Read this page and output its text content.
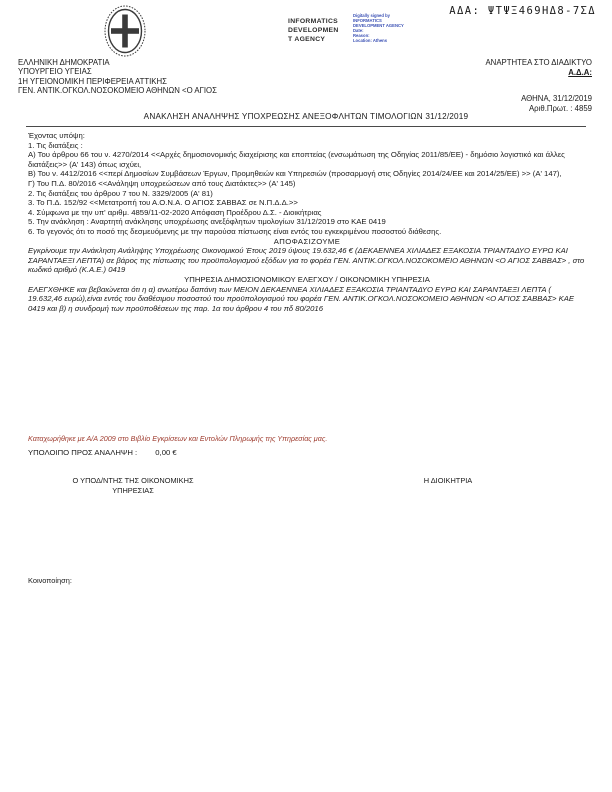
ΑΔΑ: ΨΤΨΞ469ΗΔ8-7ΣΔ
INFORMATICS
DEVELOPMEN
T AGENCY
Digitally signed by
INFORMATICS
DEVELOPMENT AGENCY
Date:
Reason:
Location: Athens
ΕΛΛΗΝΙΚΗ ΔΗΜΟΚΡΑΤΙΑ
ΥΠΟΥΡΓΕΙΟ ΥΓΕΙΑΣ
1Η ΥΓΕΙΟΝΟΜΙΚΗ ΠΕΡΙΦΕΡΕΙΑ ΑΤΤΙΚΗΣ
ΓΕΝ. ΑΝΤΙΚ.ΟΓΚΟΛ.ΝΟΣΟΚΟΜΕΙΟ ΑΘΗΝΩΝ <Ο ΑΓΙΟΣ
ΑΝΑΡΤΗΤΕΑ ΣΤΟ ΔΙΑΔΙΚΤΥΟ
Α.Δ.Α:
ΑΘΗΝΑ, 31/12/2019
Αριθ.Πρωτ. : 4859
ΑΝΑΚΛΗΣΗ ΑΝΑΛΗΨΗΣ ΥΠΟΧΡΕΩΣΗΣ ΑΝΕΞΟΦΛΗΤΩΝ ΤΙΜΟΛΟΓΙΩΝ 31/12/2019
Έχοντας υπόψη:
1. Τις διατάξεις :
Α) Του άρθρου 66 του ν. 4270/2014 <<Αρχές δημοσιονομικής διαχείρισης και εποπτείας (ενσωμάτωση της Οδηγίας 2011/85/ΕΕ) - δημόσιο λογιστικό και άλλες διατάξεις>> (Α' 143) όπως ισχύει,
Β) Του ν. 4412/2016 <<περί Δημοσίων Συμβάσεων Έργων, Προμηθειών και Υπηρεσιών (προσαρμογή στις Οδηγίες 2014/24/ΕΕ και 2014/25/ΕΕ) >> (Α' 147),
Γ) Του Π.Δ. 80/2016 <<Ανάληψη υποχρεώσεων από τους Διατάκτες>> (Α' 145)
2. Τις διατάξεις του άρθρου 7 του Ν. 3329/2005 (Α' 81)
3. Το Π.Δ. 152/92 <<Μετατροπή του Α.Ο.Ν.Α. Ο ΑΓΙΟΣ ΣΑΒΒΑΣ σε Ν.Π.Δ.Δ.>>
4. Σύμφωνα με την υπ' αριθμ. 4859/11-02-2020 Απόφαση Προέδρου Δ.Σ. - Διοικήτριας
5. Την ανάκληση : Αναρτητή ανάκλησης υποχρέωσης ανεξόφλητων τιμολογίων 31/12/2019 στο ΚΑΕ 0419
6. Το γεγονός ότι το ποσό της δεσμευόμενης με την παρούσα πίστωσης είναι εντός του εγκεκριμένου ποσοστού διάθεσης.
ΑΠΟΦΑΣΙΖΟΥΜΕ
Εγκρίνουμε την Ανάκληση Ανάληψης Υποχρέωσης Οικονομικού Έτους 2019 ύψους 19.632,46 € (ΔΕΚΑΕΝΝΕΑ ΧΙΛΙΑΔΕΣ ΕΞΑΚΟΣΙΑ ΤΡΙΑΝΤΑΔΥΟ ΕΥΡΩ ΚΑΙ ΣΑΡΑΝΤΑΕΞΙ ΛΕΠΤΑ) σε βάρος της πίστωσης του προϋπολογισμού εξόδων για το φορέα ΓΕΝ. ΑΝΤΙΚ.ΟΓΚΟΛ.ΝΟΣΟΚΟΜΕΙΟ ΑΘΗΝΩΝ <Ο ΑΓΙΟΣ ΣΑΒΒΑΣ> , στο κωδικό αριθμό (Κ.Α.Ε.) 0419
ΥΠΗΡΕΣΙΑ ΔΗΜΟΣΙΟΝΟΜΙΚΟΥ ΕΛΕΓΧΟΥ / ΟΙΚΟΝΟΜΙΚΗ ΥΠΗΡΕΣΙΑ
ΕΛΕΓΧΘΗΚΕ και βεβαιώνεται ότι η α) ανωτέρω δαπάνη των ΜΕΙΟΝ ΔΕΚΑΕΝΝΕΑ ΧΙΛΙΑΔΕΣ ΕΞΑΚΟΣΙΑ ΤΡΙΑΝΤΑΔΥΟ ΕΥΡΩ ΚΑΙ ΣΑΡΑΝΤΑΕΞΙ ΛΕΠΤΑ ( 19.632,46 ευρώ),είναι εντός του διαθέσιμου ποσοστού του προϋπολογισμού του φορέα ΓΕΝ. ΑΝΤΙΚ.ΟΓΚΟΛ.ΝΟΣΟΚΟΜΕΙΟ ΑΘΗΝΩΝ <Ο ΑΓΙΟΣ ΣΑΒΒΑΣ> ΚΑΕ 0419 και β) η συνδρομή των προϋποθέσεων της παρ. 1α του άρθρου 4 του πδ 80/2016
Καταχωρήθηκε με Α/Α 2009 στο Βιβλίο Εγκρίσεων και Εντολών Πληρωμής της Υπηρεσίας μας.
ΥΠΟΛΟΙΠΟ ΠΡΟΣ ΑΝΑΛΗΨΗ : 0,00 €
Ο ΥΠΟΔ/ΝΤΗΣ ΤΗΣ ΟΙΚΟΝΟΜΙΚΗΣ
ΥΠΗΡΕΣΙΑΣ
Η ΔΙΟΙΚΗΤΡΙΑ
Κοινοποίηση:
